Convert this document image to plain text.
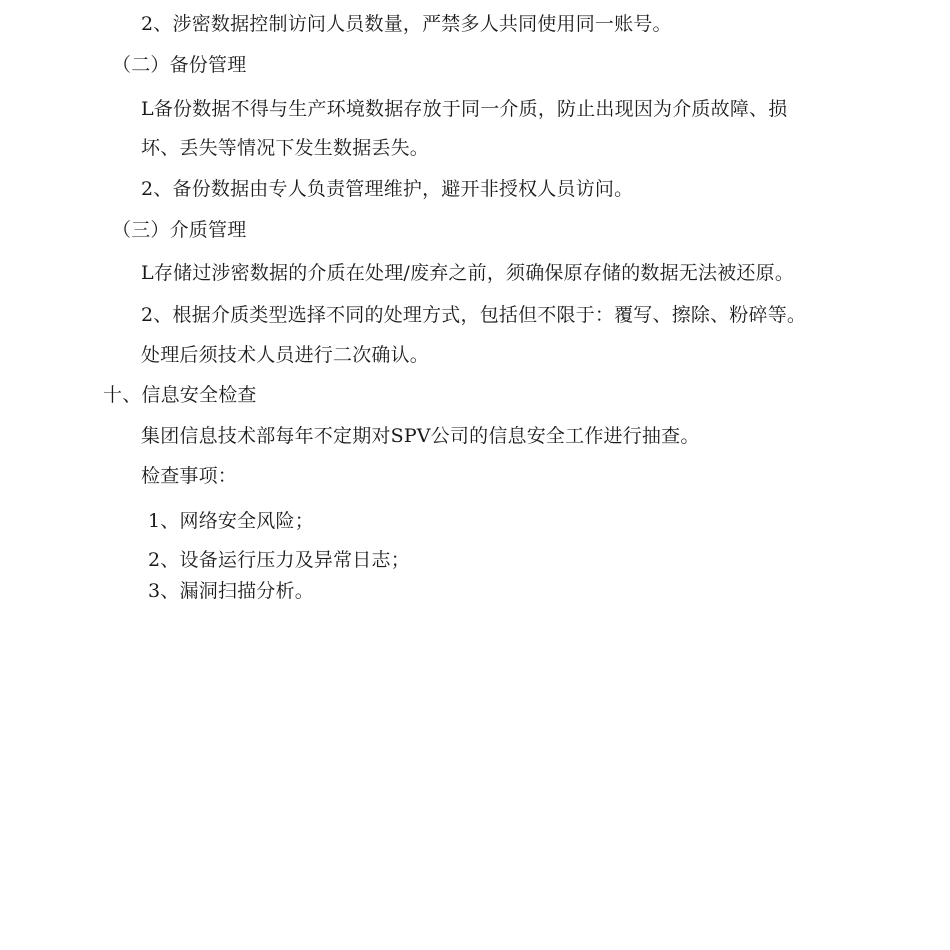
2、涉密数据控制访问人员数量，严禁多人共同使用同一账号。
（二）备份管理
L备份数据不得与生产环境数据存放于同一介质，防止出现因为介质故障、损
坏、丢失等情况下发生数据丢失。
2、备份数据由专人负责管理维护，避开非授权人员访问。
（三）介质管理
L存储过涉密数据的介质在处理/废弃之前，须确保原存储的数据无法被还原。
2、根据介质类型选择不同的处理方式，包括但不限于：覆写、擦除、粉碎等。
处理后须技术人员进行二次确认。
十、信息安全检查
集团信息技术部每年不定期对SPV公司的信息安全工作进行抽查。
检查事项：
1、网络安全风险；
2、设备运行压力及异常日志；
3、漏洞扫描分析。
